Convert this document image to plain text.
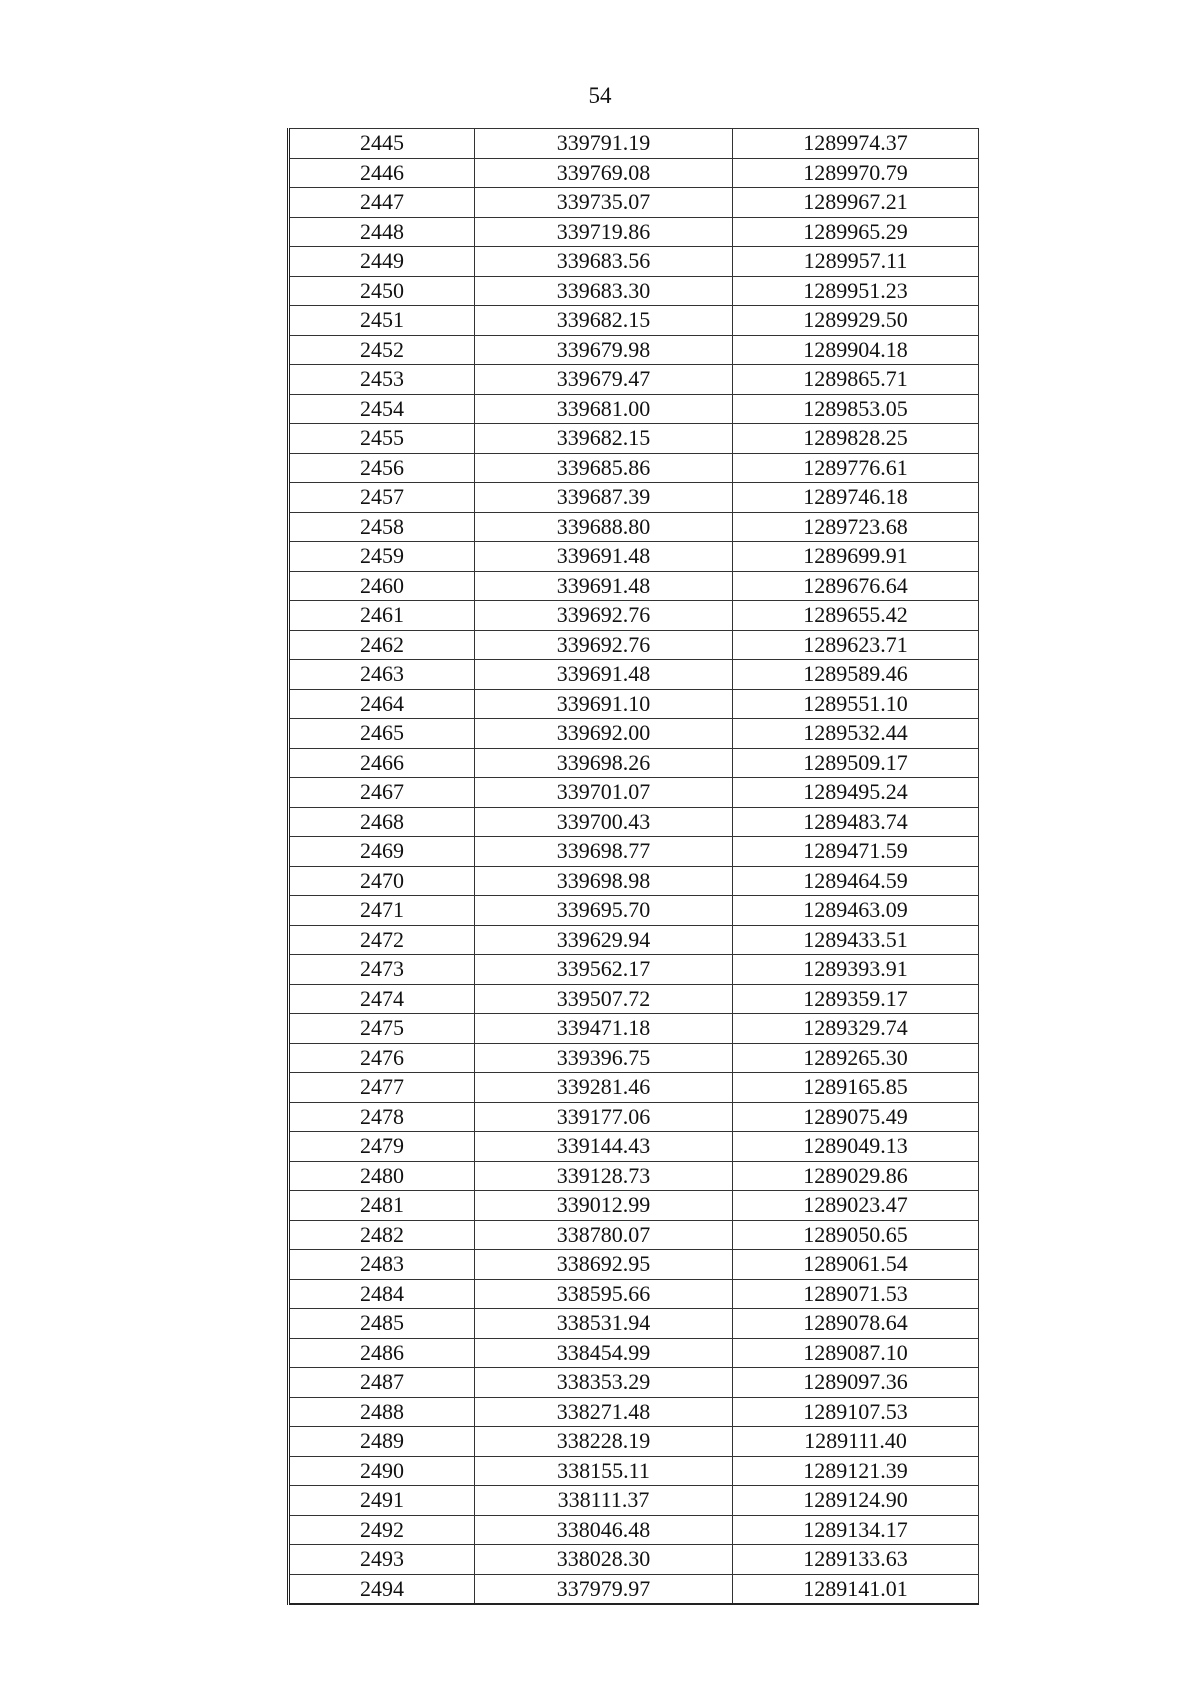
54
2445	339791.19	1289974.37
2446	339769.08	1289970.79
2447	339735.07	1289967.21
2448	339719.86	1289965.29
2449	339683.56	1289957.11
2450	339683.30	1289951.23
2451	339682.15	1289929.50
2452	339679.98	1289904.18
2453	339679.47	1289865.71
2454	339681.00	1289853.05
2455	339682.15	1289828.25
2456	339685.86	1289776.61
2457	339687.39	1289746.18
2458	339688.80	1289723.68
2459	339691.48	1289699.91
2460	339691.48	1289676.64
2461	339692.76	1289655.42
2462	339692.76	1289623.71
2463	339691.48	1289589.46
2464	339691.10	1289551.10
2465	339692.00	1289532.44
2466	339698.26	1289509.17
2467	339701.07	1289495.24
2468	339700.43	1289483.74
2469	339698.77	1289471.59
2470	339698.98	1289464.59
2471	339695.70	1289463.09
2472	339629.94	1289433.51
2473	339562.17	1289393.91
2474	339507.72	1289359.17
2475	339471.18	1289329.74
2476	339396.75	1289265.30
2477	339281.46	1289165.85
2478	339177.06	1289075.49
2479	339144.43	1289049.13
2480	339128.73	1289029.86
2481	339012.99	1289023.47
2482	338780.07	1289050.65
2483	338692.95	1289061.54
2484	338595.66	1289071.53
2485	338531.94	1289078.64
2486	338454.99	1289087.10
2487	338353.29	1289097.36
2488	338271.48	1289107.53
2489	338228.19	1289111.40
2490	338155.11	1289121.39
2491	338111.37	1289124.90
2492	338046.48	1289134.17
2493	338028.30	1289133.63
2494	337979.97	1289141.01
